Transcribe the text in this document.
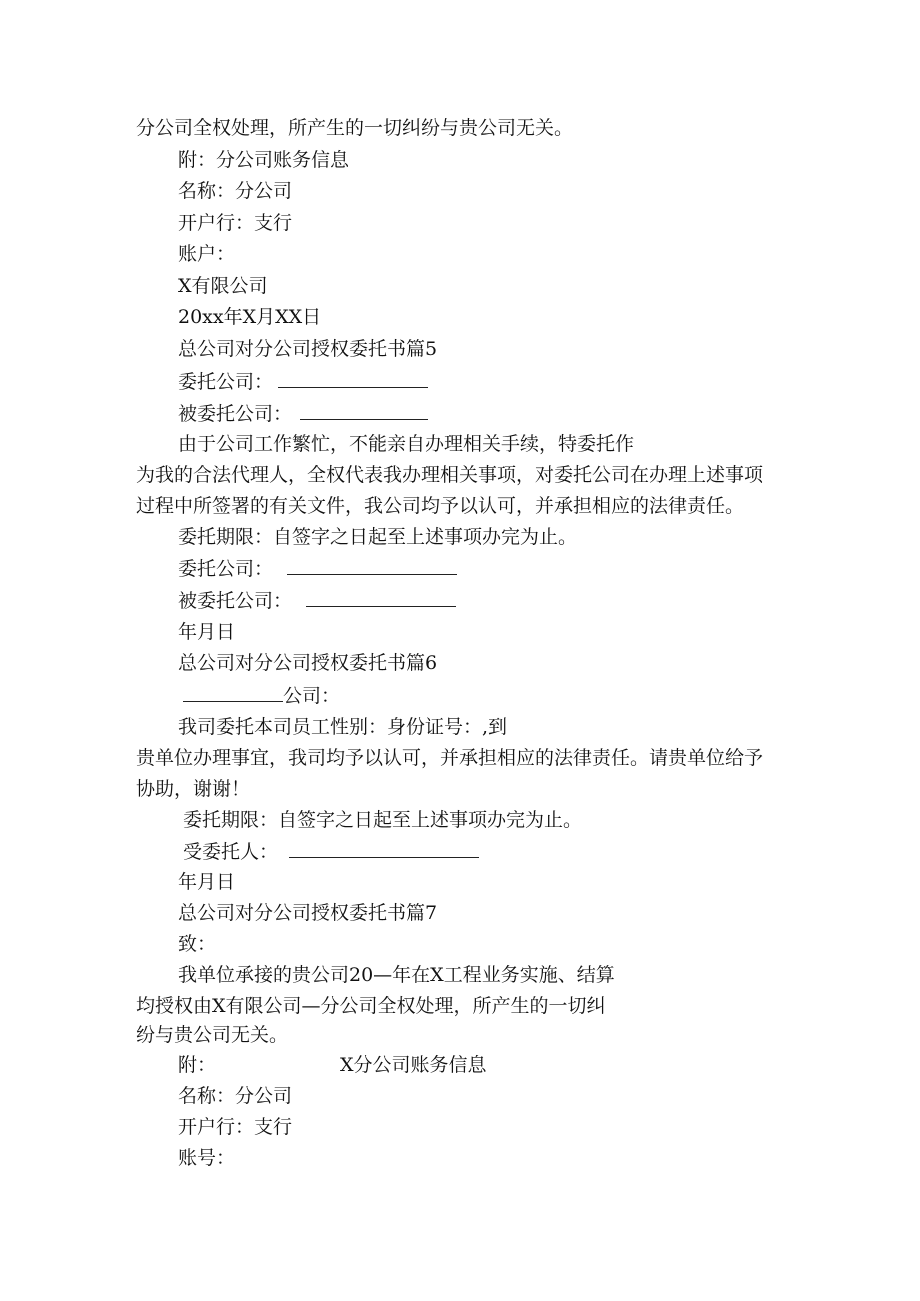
分公司全权处理，所产生的一切纠纷与贵公司无关。
附：分公司账务信息
名称：分公司
开户行：支行
账户：
X有限公司
20xx年X月XX日
总公司对分公司授权委托书篇5
委托公司：
被委托公司：
由于公司工作繁忙，不能亲自办理相关手续，特委托作
为我的合法代理人，全权代表我办理相关事项，对委托公司在办理上述事项
过程中所签署的有关文件，我公司均予以认可，并承担相应的法律责任。
委托期限：自签字之日起至上述事项办完为止。
委托公司：
被委托公司：
年月日
总公司对分公司授权委托书篇6
公司：
我司委托本司员工性别：身份证号：,到
贵单位办理事宜，我司均予以认可，并承担相应的法律责任。请贵单位给予
协助，谢谢！
委托期限：自签字之日起至上述事项办完为止。
受委托人：
年月日
总公司对分公司授权委托书篇7
致：
我单位承接的贵公司20—年在X工程业务实施、结算
均授权由X有限公司—分公司全权处理，所产生的一切纠
纷与贵公司无关。
附：	X分公司账务信息
名称：分公司
开户行：支行
账号：
